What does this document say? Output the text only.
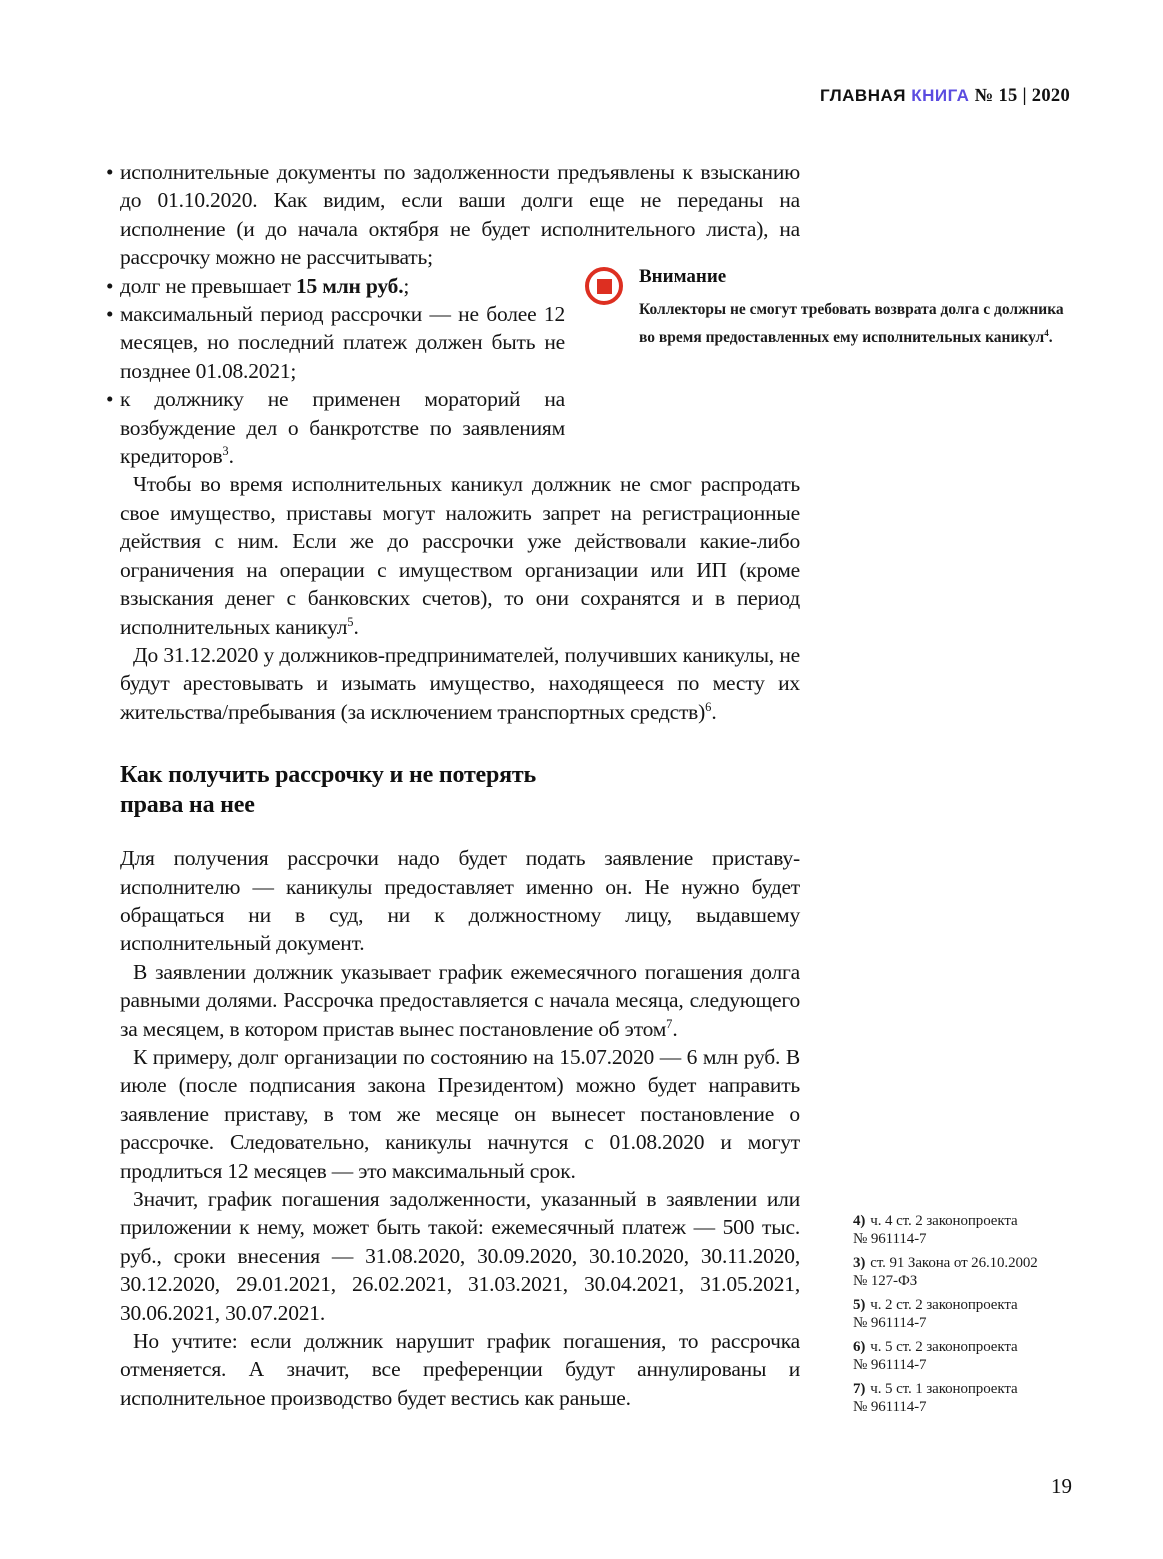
ГЛАВНАЯ КНИГА № 15 | 2020
Внимание
Коллекторы не смогут требовать возврата долга с должника во время предоставленных ему исполнительных каникул$^4$.
• исполнительные документы по задолженности предъявлены к взысканию до 01.10.2020. Как видим, если ваши долги еще не переданы на исполнение (и до начала октября не будет исполнительного листа), на рассрочку можно не рассчитывать;
• долг не превышает 15 млн руб.;
• максимальный период рассрочки — не более 12 месяцев, но последний платеж должен быть не позднее 01.08.2021;
• к должнику не применен мораторий на возбуждение дел о банкротстве по заявлениям кредиторов$^3$.

Чтобы во время исполнительных каникул должник не смог распродать свое имущество, приставы могут наложить запрет на регистрационные действия с ним. Если же до рассрочки уже действовали какие-либо ограничения на операции с имуществом организации или ИП (кроме взыскания денег с банковских счетов), то они сохранятся и в период исполнительных каникул$^5$.

До 31.12.2020 у должников-предпринимателей, получивших каникулы, не будут арестовывать и изымать имущество, находящееся по месту их жительства/пребывания (за исключением транспортных средств)$^6$.

Как получить рассрочку и не потерять
права на нее

Для получения рассрочки надо будет подать заявление приставу-исполнителю — каникулы предоставляет именно он. Не нужно будет обращаться ни в суд, ни к должностному лицу, выдавшему исполнительный документ.

В заявлении должник указывает график ежемесячного погашения долга равными долями. Рассрочка предоставляется с начала месяца, следующего за месяцем, в котором пристав вынес постановление об этом$^7$.

К примеру, долг организации по состоянию на 15.07.2020 — 6 млн руб. В июле (после подписания закона Президентом) можно будет направить заявление приставу, в том же месяце он вынесет постановление о рассрочке. Следовательно, каникулы начнутся с 01.08.2020 и могут продлиться 12 месяцев — это максимальный срок.

Значит, график погашения задолженности, указанный в заявлении или приложении к нему, может быть такой: ежемесячный платеж — 500 тыс. руб., сроки внесения — 31.08.2020, 30.09.2020, 30.10.2020, 30.11.2020, 30.12.2020, 29.01.2021, 26.02.2021, 31.03.2021, 30.04.2021, 31.05.2021, 30.06.2021, 30.07.2021.

Но учтите: если должник нарушит график погашения, то рассрочка отменяется. А значит, все преференции будут аннулированы и исполнительное производство будет вестись как раньше.

4) ч. 4 ст. 2 законопроекта
№ 961114-7
3) ст. 91 Закона от 26.10.2002
№ 127-ФЗ
5) ч. 2 ст. 2 законопроекта
№ 961114-7
6) ч. 5 ст. 2 законопроекта
№ 961114-7
7) ч. 5 ст. 1 законопроекта
№ 961114-7
19
